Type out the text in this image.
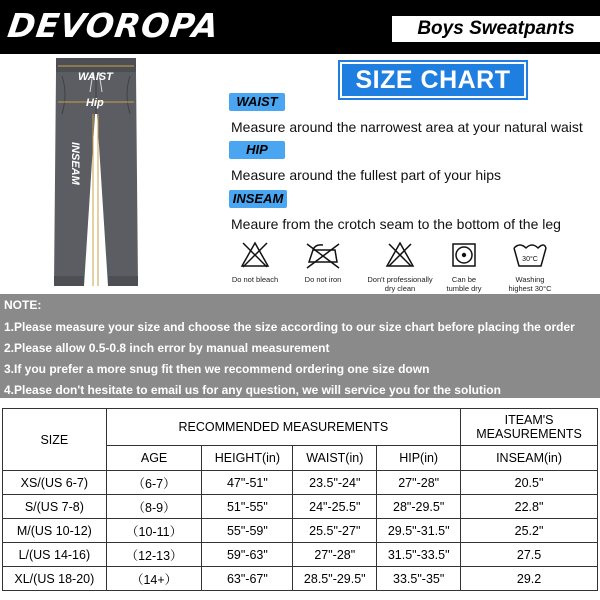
DEVOROPA	Boys Sweatpants
WAIST
Hip
INSEAM
SIZE CHART
WAIST
Measure around the narrowest area at your natural waist
HIP
Measure around the fullest part of your hips
INSEAM
Meaure from the crotch seam to the bottom of the leg
Do not bleach	Do not iron	Don't professionally
dry clean
Can be
tumble dry
30°C
Washing
highest 30°C
NOTE:
1.Please measure your size and choose the size according to our size chart before placing the order
2.Please allow 0.5-0.8 inch error by manual measurement
3.If you prefer a more snug fit then we recommend ordering one size down
4.Please don't hesitate to email us for any question, we will service you for the solution
SIZE	RECOMMENDED MEASUREMENTS				ITEAM'S
MEASUREMENTS

	AGE	HEIGHT(in)	WAIST(in)	HIP(in)	INSEAM(in)
XS/(US 6-7)	（6-7）	47"-51"	23.5"-24"	27"-28"	20.5"
S/(US 7-8)	（8-9）	51"-55"	24"-25.5"	28"-29.5"	22.8"
M/(US 10-12)	（10-11）	55"-59"	25.5"-27"	29.5"-31.5"	25.2"
L/(US 14-16)	（12-13）	59"-63"	27"-28"	31.5"-33.5"	27.5
XL/(US 18-20)	（14+）	63"-67"	28.5"-29.5"	33.5"-35"	29.2
